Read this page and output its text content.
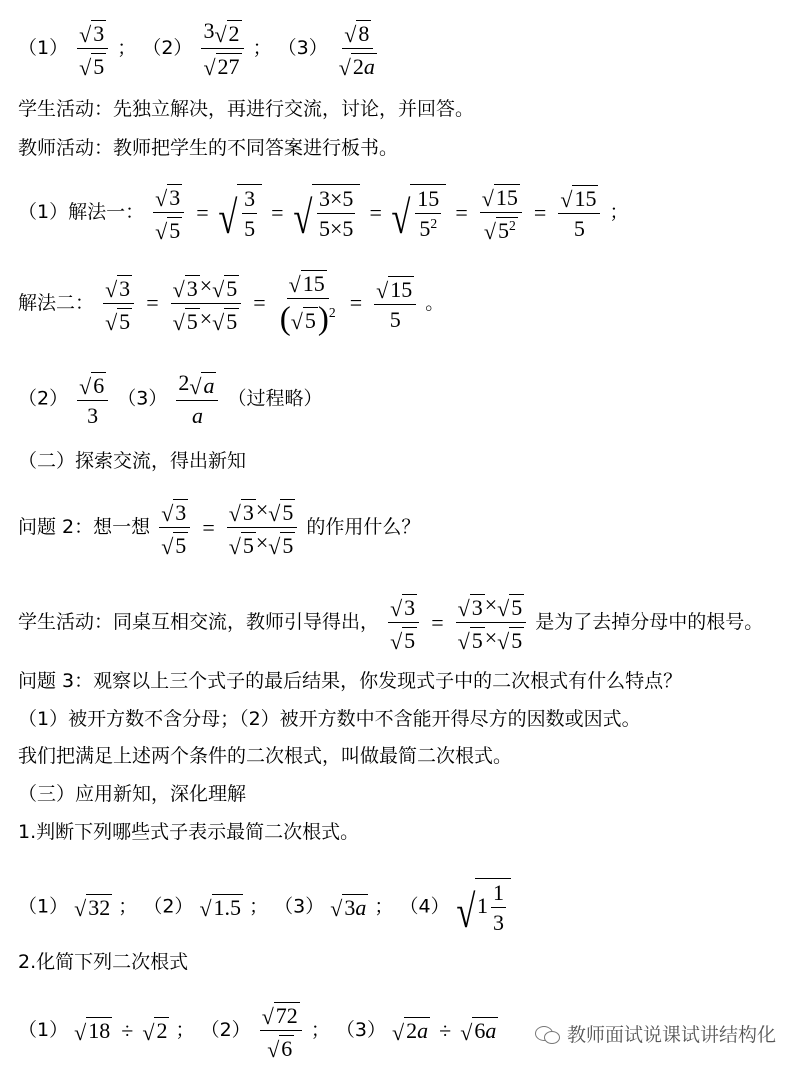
$(1) \frac{√ 3}{√ 5}$ ； $(2) \frac{3 √ 2}{√ 27}$ ； $(3) \frac{√ 8}{√ 2a}$
学生活动：先独立解决，再进行交流，讨论，并回答。
教师活动：教师把学生的不同答案进行板书。
（1）解法一： $\frac{√ 3}{√ 5}$ = √ $\frac{3}{5}$ = √ $\frac{3\times 5}{5\times 5}$ = √ $\frac{15}{5^2} = \frac{√ 15}{√ 5^2} = \frac{√ 15}{5}$ ；
解法二： $\frac{√ 3}{√ 5} = \frac{√ 3 \times √ 5}{√ 5 \times √ 5} = \frac{√ 15}{( √ 5 )^2} = \frac{√ 15}{5}$ 。
$(2) \frac{√ 6}{3} (3) \frac{2 √ a}{a}$ （过程略）
（二）探索交流，得出新知
问题 2：想一想 $\frac{√ 3}{√ 5} = \frac{√ 3 \times √ 5}{√ 5 \times √ 5}$ 的作用什么？
学生活动：同桌互相交流，教师引导得出， $\frac{√ 3}{√ 5} = \frac{√ 3 \times √ 5}{√ 5 \times √ 5}$ 是为了去掉分母中的根号。
问题 3：观察以上三个式子的最后结果，你发现式子中的二次根式有什么特点？
（1）被开方数不含分母；（2）被开方数中不含能开得尽方的因数或因式。
我们把满足上述两个条件的二次根式，叫做最简二次根式。
（三）应用新知，深化理解
1.判断下列哪些式子表示最简二次根式。
（1） √ 32 ； （2） √ 1.5 ； （3） √ 3a ； （4） √ $1 \frac{1}{3}$
2.化简下列二次根式
（1） √ 18 ÷ √ 2 ； $(2) \frac{√ 72}{√ 6}$ ； （3） √ 2a ÷ √ 6a	教师面试说课试讲结构化
